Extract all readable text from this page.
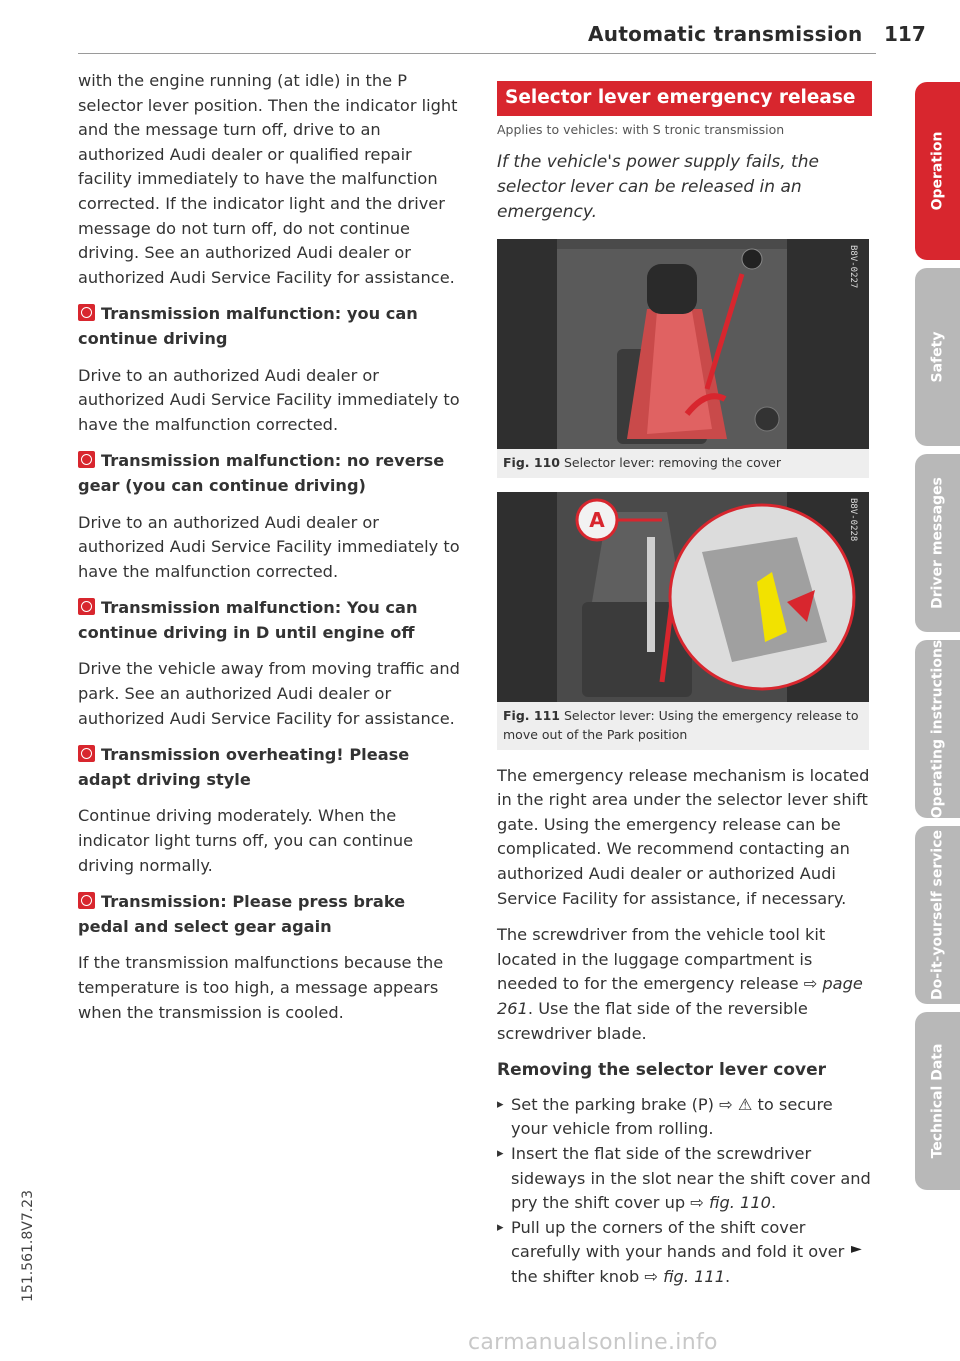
Automatic transmission 117

with the engine running (at idle) in the P selector lever position. Then the indicator light and the message turn off, drive to an authorized Audi dealer or qualified repair facility immediately to have the malfunction corrected. If the indicator light and the driver message do not turn off, do not continue driving. See an authorized Audi dealer or authorized Audi Service Facility for assistance.

Transmission malfunction: you can continue driving

Drive to an authorized Audi dealer or authorized Audi Service Facility immediately to have the malfunction corrected.

Transmission malfunction: no reverse gear (you can continue driving)

Drive to an authorized Audi dealer or authorized Audi Service Facility immediately to have the malfunction corrected.

Transmission malfunction: You can continue driving in D until engine off

Drive the vehicle away from moving traffic and park. See an authorized Audi dealer or authorized Audi Service Facility for assistance.

Transmission overheating! Please adapt driving style

Continue driving moderately. When the indicator light turns off, you can continue driving normally.

Transmission: Please press brake pedal and select gear again

If the transmission malfunctions because the temperature is too high, a message appears when the transmission is cooled.

Selector lever emergency release
Applies to vehicles: with S tronic transmission
If the vehicle's power supply fails, the selector lever can be released in an emergency.
B8V-0227
Fig. 110 Selector lever: removing the cover
A	B8V-0228
Fig. 111 Selector lever: Using the emergency release to move out of the Park position

The emergency release mechanism is located in the right area under the selector lever shift gate. Using the emergency release can be complicated. We recommend contacting an authorized Audi dealer or authorized Audi Service Facility for assistance, if necessary.

The screwdriver from the vehicle tool kit located in the luggage compartment is needed to for the emergency release ⇨ page 261. Use the flat side of the reversible screwdriver blade.

Removing the selector lever cover
▸ Set the parking brake (P) ⇨ ⚠ to secure your vehicle from rolling.
▸ Insert the flat side of the screwdriver sideways in the slot near the shift cover and pry the shift cover up ⇨ fig. 110.
▸ Pull up the corners of the shift cover carefully with your hands and fold it over the shifter knob ⇨ fig. 111.
►
151.561.8V7.23
Operation
Safety
Driver messages
Operating instructions
Do-it-yourself service
Technical Data
carmanualsonline.info
